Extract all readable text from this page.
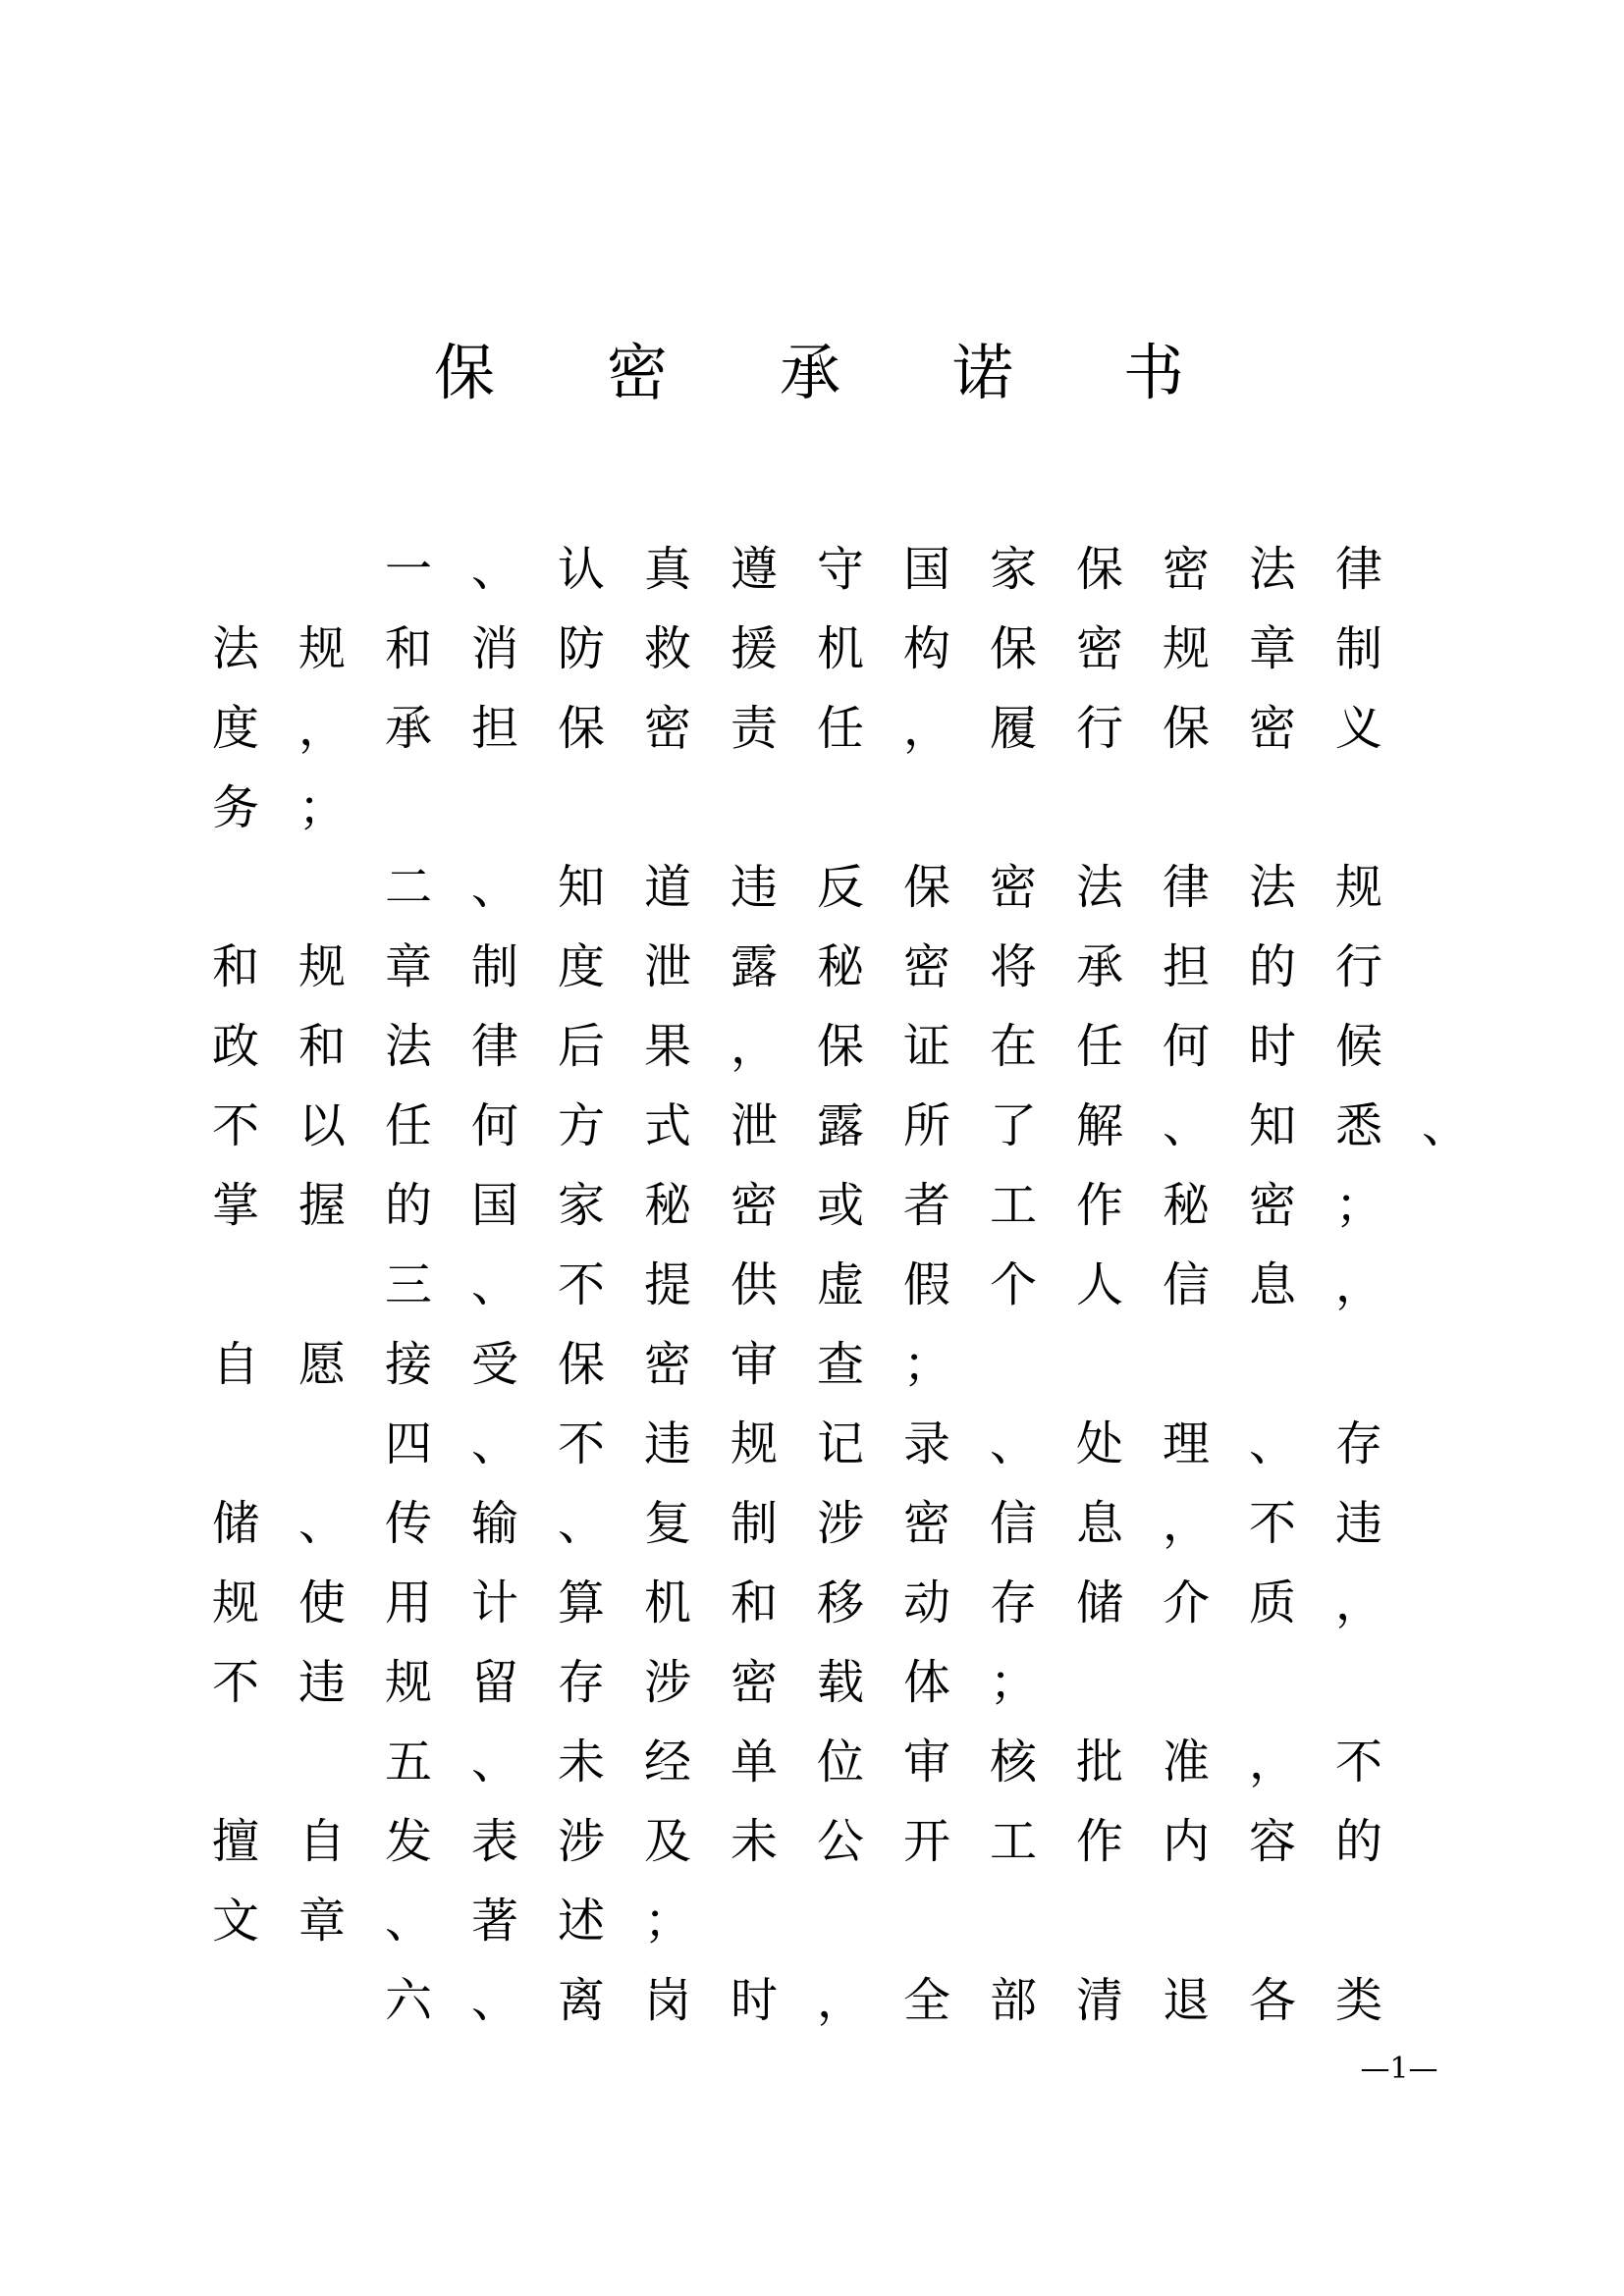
保 密 承 诺 书
一 、 认 真 遵 守 国 家 保 密 法 律
法 规 和 消 防 救 援 机 构 保 密 规 章 制
度 ， 承 担 保 密 责 任 ， 履 行 保 密 义
务 ；
二 、 知 道 违 反 保 密 法 律 法 规
和 规 章 制 度 泄 露 秘 密 将 承 担 的 行
政 和 法 律 后 果 ， 保 证 在 任 何 时 候
不 以 任 何 方 式 泄 露 所 了 解 、 知 悉 、
掌 握 的 国 家 秘 密 或 者 工 作 秘 密 ；
三 、 不 提 供 虚 假 个 人 信 息 ，
自 愿 接 受 保 密 审 查 ；
四 、 不 违 规 记 录 、 处 理 、 存
储 、 传 输 、 复 制 涉 密 信 息 ， 不 违
规 使 用 计 算 机 和 移 动 存 储 介 质 ，
不 违 规 留 存 涉 密 载 体 ；
五 、 未 经 单 位 审 核 批 准 ， 不
擅 自 发 表 涉 及 未 公 开 工 作 内 容 的
文 章 、 著 述 ；
六 、 离 岗 时 ， 全 部 清 退 各 类
—1—
